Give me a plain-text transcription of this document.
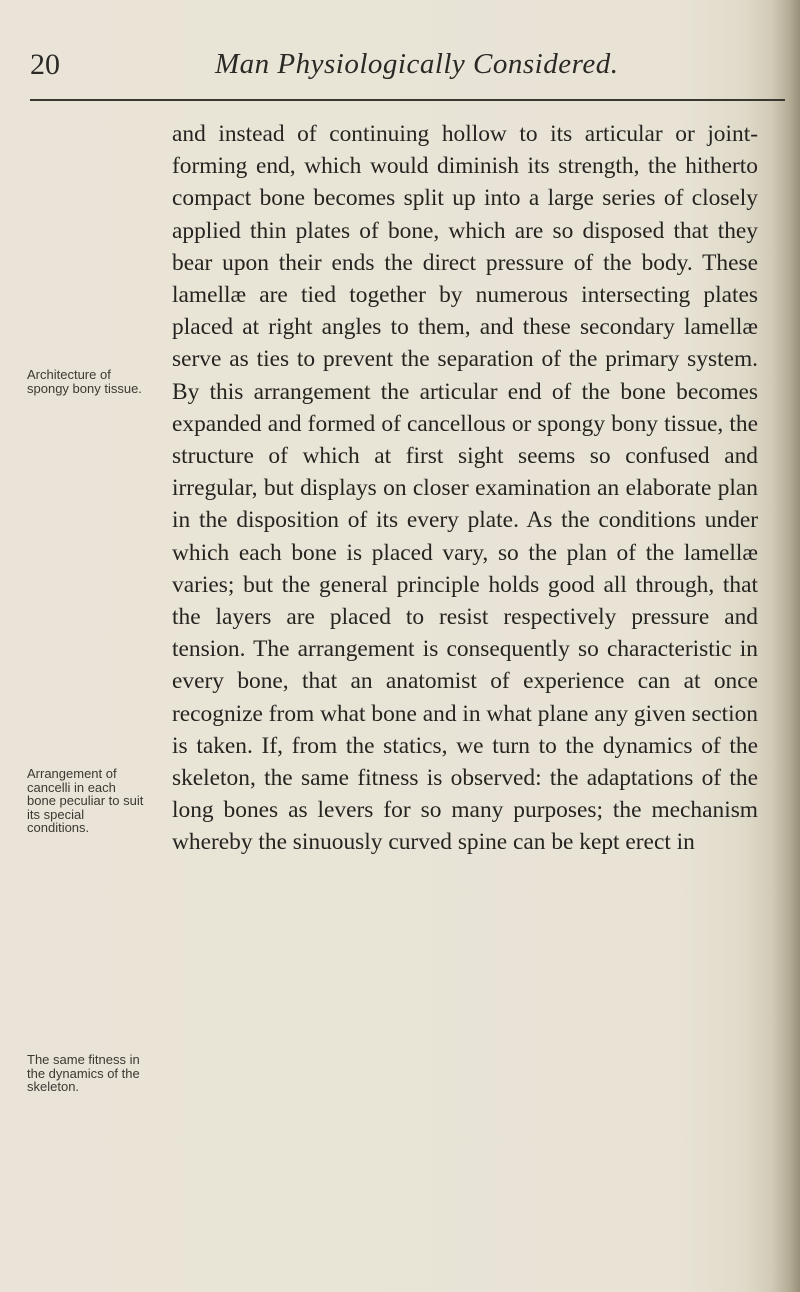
20	Man Physiologically Considered.
Architecture of spongy bony tissue.
Arrangement of cancelli in each bone peculiar to suit its special conditions.
The same fitness in the dynamics of the skeleton.

and instead of continuing hollow to its articular or joint-forming end, which would diminish its strength, the hitherto compact bone becomes split up into a large series of closely applied thin plates of bone, which are so disposed that they bear upon their ends the direct pressure of the body. These lamellæ are tied together by numerous intersecting plates placed at right angles to them, and these secondary lamellæ serve as ties to prevent the separation of the primary system. By this arrangement the articular end of the bone becomes expanded and formed of cancellous or spongy bony tissue, the structure of which at first sight seems so confused and irregular, but displays on closer examination an elaborate plan in the disposition of its every plate. As the conditions under which each bone is placed vary, so the plan of the lamellæ varies; but the general principle holds good all through, that the layers are placed to resist respectively pressure and tension. The arrangement is consequently so characteristic in every bone, that an anatomist of experience can at once recognize from what bone and in what plane any given section is taken. If, from the statics, we turn to the dynamics of the skeleton, the same fitness is observed: the adaptations of the long bones as levers for so many purposes; the mechanism whereby the sinuously curved spine can be kept erect in
